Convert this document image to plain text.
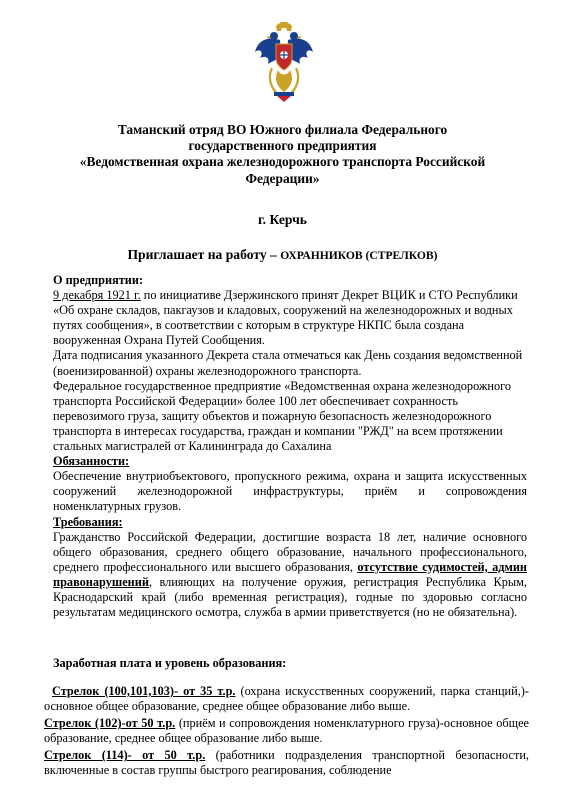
Таманский отряд ВО Южного филиала Федерального
государственного предприятия
«Ведомственная охрана железнодорожного транспорта Российской
Федерации»
г. Керчь
Приглашает на работу – ОХРАННИКОВ (СТРЕЛКОВ)

О предприятии:

9 декабря 1921 г. по инициативе Дзержинского принят Декрет ВЦИК и СТО Республики «Об охране складов, пакгаузов и кладовых, сооружений на железнодорожных и водных путях сообщения», в соответствии с которым в структуре НКПС была создана вооруженная Охрана Путей Сообщения.

Дата подписания указанного Декрета стала отмечаться как День создания ведомственной (военизированной) охраны железнодорожного транспорта.

Федеральное государственное предприятие «Ведомственная охрана железнодорожного транспорта Российской Федерации» более 100 лет обеспечивает сохранность перевозимого груза, защиту объектов и пожарную безопасность железнодорожного транспорта в интересах государства, граждан и компании "РЖД" на всем протяжении стальных магистралей от Калининграда до Сахалина

Обязанности:

Обеспечение внутриобъектового, пропускного режима, охрана и защита искусственных сооружений железнодорожной инфраструктуры, приём и сопровождения номенклатурных грузов.

Требования:

Гражданство Российской Федерации, достигшие возраста 18 лет, наличие основного общего образования, среднего общего образование, начального профессионального, среднего профессионального или высшего образования, отсутствие судимостей, админ правонарушений, влияющих на получение оружия, регистрация Республика Крым, Краснодарский край (либо временная регистрация), годные по здоровью согласно результатам медицинского осмотра, служба в армии приветствуется (но не обязательна).

Заработная плата и уровень образования:

Стрелок (100,101,103)- от 35 т.р. (охрана искусственных сооружений, парка станций,)-основное общее образование, среднее общее образование либо выше.

Стрелок (102)-от 50 т.р. (приём и сопровождения номенклатурного груза)-основное общее образование, среднее общее образование либо выше.

Стрелок (114)- от 50 т.р. (работники подразделения транспортной безопасности, включенные в состав группы быстрого реагирования, соблюдение
